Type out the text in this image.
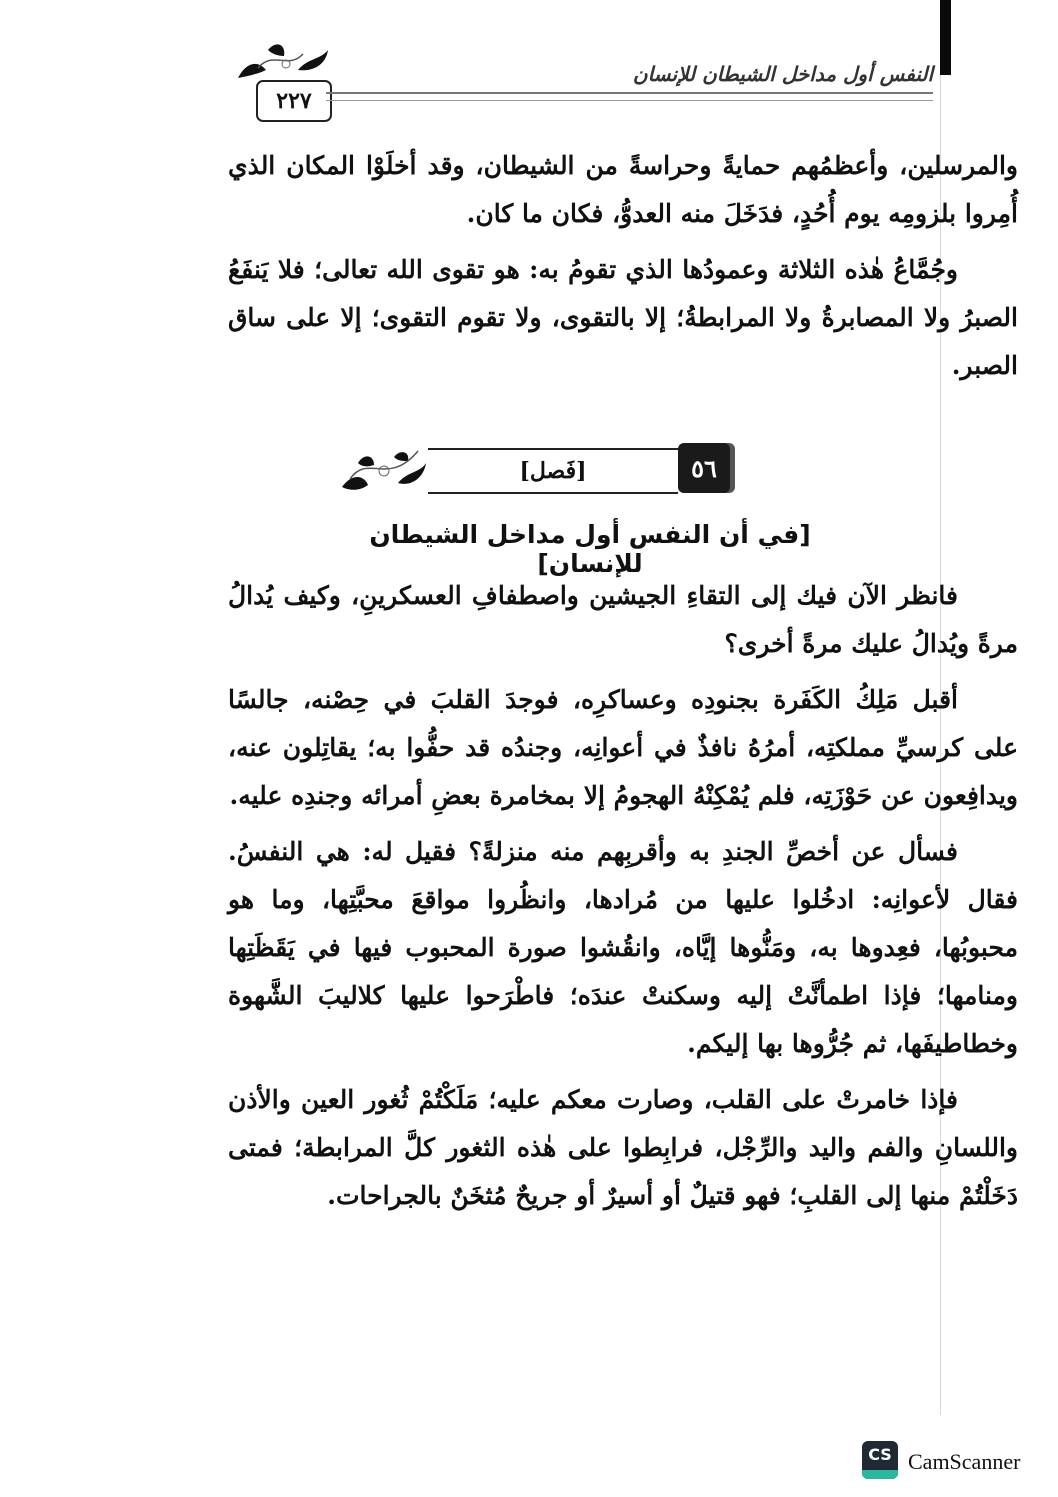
٢٢٧
النفس أول مداخل الشيطان للإنسان

والمرسلين، وأعظمُهم حمايةً وحراسةً من الشيطان، وقد أخلَوْا المكان الذي أُمِروا بلزومِه يوم أُحُدٍ، فدَخَلَ منه العدوُّ، فكان ما كان.

وجُمَّاعُ هٰذه الثلاثة وعمودُها الذي تقومُ به: هو تقوى الله تعالى؛ فلا يَنفَعُ الصبرُ ولا المصابرةُ ولا المرابطةُ؛ إلا بالتقوى، ولا تقوم التقوى؛ إلا على ساق الصبر.

[فَصل]	٥٦
[في أن النفس أول مداخل الشيطان للإنسان]

فانظر الآن فيك إلى التقاءِ الجيشين واصطفافِ العسكرينِ، وكيف يُدالُ مرةً ويُدالُ عليك مرةً أخرى؟

أقبل مَلِكُ الكَفَرة بجنودِه وعساكرِه، فوجدَ القلبَ في حِصْنه، جالسًا على كرسيِّ مملكتِه، أمرُهُ نافذٌ في أعوانِه، وجندُه قد حفُّوا به؛ يقاتِلون عنه، ويدافِعون عن حَوْزَتِه، فلم يُمْكِنْهُ الهجومُ إلا بمخامرة بعضِ أمرائه وجندِه عليه.

فسأل عن أخصِّ الجندِ به وأقربِهم منه منزلةً؟ فقيل له: هي النفسُ. فقال لأعوانِه: ادخُلوا عليها من مُرادها، وانظُروا مواقعَ محبَّتِها، وما هو محبوبُها، فعِدوها به، ومَنُّوها إيَّاه، وانقُشوا صورة المحبوب فيها في يَقَظَتِها ومنامها؛ فإذا اطمأنَّتْ إليه وسكنتْ عندَه؛ فاطْرَحوا عليها كلاليبَ الشَّهوة وخطاطيفَها، ثم جُرُّوها بها إليكم.

فإذا خامرتْ على القلب، وصارت معكم عليه؛ مَلَكْتُمْ ثُغور العين والأذن واللسانِ والفم واليد والرِّجْل، فرابِطوا على هٰذه الثغور كلَّ المرابطة؛ فمتى دَخَلْتُمْ منها إلى القلبِ؛ فهو قتيلٌ أو أسيرٌ أو جريحٌ مُثخَنٌ بالجراحات.

CS CamScanner
